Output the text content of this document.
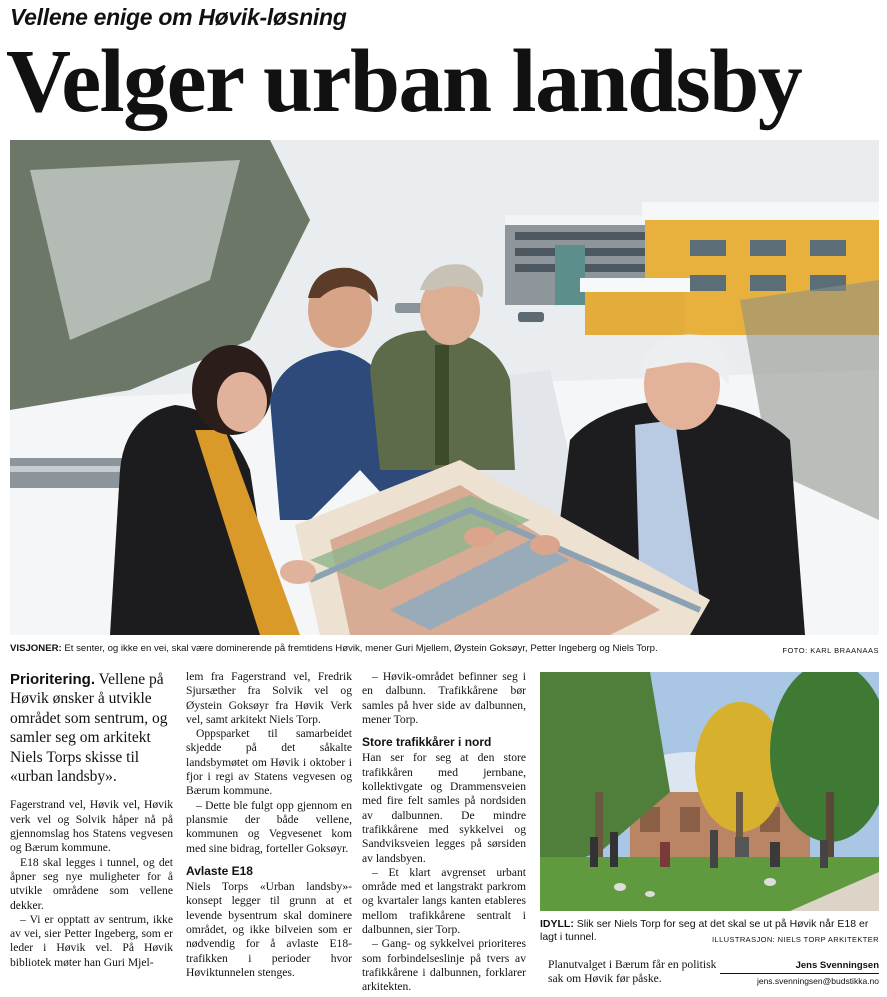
Vellene enige om Høvik-løsning
Velger urban landsby
VISJONER: Et senter, og ikke en vei, skal være dominerende på fremtidens Høvik, mener Guri Mjellem, Øystein Goksøyr, Petter Ingeberg og Niels Torp.	FOTO: KARL BRAANAAS

Prioritering. Vellene på Høvik ønsker å utvikle området som sentrum, og samler seg om arkitekt Niels Torps skisse til «urban landsby».

Fagerstrand vel, Høvik vel, Høvik verk vel og Solvik håper nå på gjennomslag hos Statens vegvesen og Bærum kommune.

E18 skal legges i tunnel, og det åpner seg nye muligheter for å utvikle områdene som vellene dekker.

– Vi er opptatt av sentrum, ikke av vei, sier Petter Ingeberg, som er leder i Høvik vel. På Høvik bibliotek møter han Guri Mjel-

lem fra Fagerstrand vel, Fredrik Sjursæther fra Solvik vel og Øystein Goksøyr fra Høvik Verk vel, samt arkitekt Niels Torp.

Oppsparket til samarbeidet skjedde på det såkalte landsbymøtet om Høvik i oktober i fjor i regi av Statens vegvesen og Bærum kommune.

– Dette ble fulgt opp gjennom en plansmie der både vellene, kommunen og Vegvesenet kom med sine bidrag, forteller Goksøyr.

Avlaste E18

Niels Torps «Urban landsby»-konsept legger til grunn at et levende bysentrum skal dominere området, og ikke bilveien som er nødvendig for å avlaste E18-trafikken i perioder hvor Høviktunnelen stenges.

– Høvik-området befinner seg i en dalbunn. Trafikkårene bør samles på hver side av dalbunnen, mener Torp.

Store trafikkårer i nord

Han ser for seg at den store trafikkåren med jernbane, kollektivgate og Drammensveien med fire felt samles på nordsiden av dalbunnen. De mindre trafikkårene med sykkelvei og Sandviksveien legges på sørsiden av landsbyen.

– Et klart avgrenset urbant område med et langstrakt parkrom og kvartaler langs kanten etableres mellom trafikkårene sentralt i dalbunnen, sier Torp.

– Gang- og sykkelvei prioriteres som forbindelseslinje på tvers av trafikkårene i dalbunnen, forklarer arkitekten.

IDYLL: Slik ser Niels Torp for seg at det skal se ut på Høvik når E18 er lagt i tunnel.	ILLUSTRASJON: NIELS TORP ARKITEKTER
Planutvalget i Bærum får en politisk sak om Høvik før påske.
Jens Svenningsen
jens.svenningsen@budstikka.no
